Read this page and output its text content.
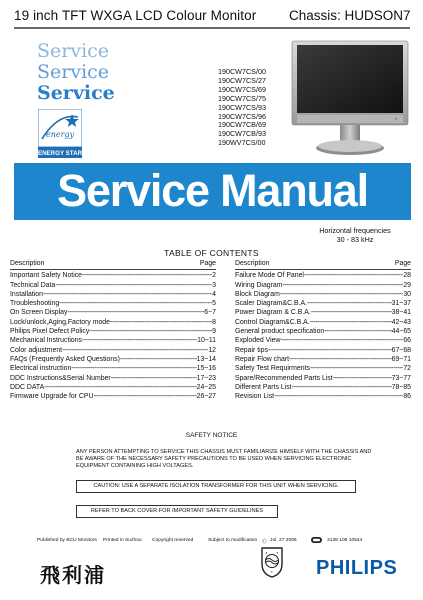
19 inch TFT WXGA LCD Colour Monitor Chassis: HUDSON7
Service
Service
Service
energy
ENERGY STAR
190CW7CS/00
190CW7CS/27
190CW7CS/69
190CW7CS/75
190CW7CS/93
190CW7CS/96
190CW7CB/69
190CW7CB/93
190WV7CS/00
Service Manual
Horizontal frequencies
30 - 83 kHz
TABLE OF CONTENTS
Description	Page
Important Safety Notice -----	2
Technical Data -----	3
Installation -----	4
Troubleshooting -----	5
On Screen Display -----	6~7
Lock/unlock,Aging,Factory mode -----	8
Philips Pixel Defect Policy -----	9
Mechanical Instructions -----	10~11
Color adjustment -----	12
FAQs (Frequently Asked Questions) -----	13~14
Electrical instruction -----	15~16
DDC Instructions&Serial Number -----	17~23
DDC DATA -----	24~25
Firmware Upgrade for CPU -----	26~27
Description	Page
Failure Mode Of Panel -----	28
Wiring Diagram -----	29
Block Diagram -----	30
Scaler Diagram&C.B.A. -----	31~37
Power Diagram & C.B.A. -----	38~41
Control Diagram&C.B.A. -----	42~43
General product specification -----	44~65
Exploded View -----	66
Repair tips -----	67~68
Repair Flow chart -----	69~71
Safety Test Requirments -----	72
Spare/Recommended Parts List -----	73~77
Different Parts List -----	78~85
Revision List -----	86
SAFETY NOTICE
ANY PERSON ATTEMPTING TO SERVICE THIS CHASSIS MUST FAMILIARIZE HIMSELF WITH THE CHASSIS AND BE AWARE OF THE NECESSARY SAFETY PRECAUTIONS TO BE USED WHEN SERVICING ELECTRONIC EQUIPMENT CONTAINING HIGH VOLTAGES.
CAUTION: USE A SEPARATE ISOLATION TRANSFORMER FOR THIS UNIT WHEN SERVICING.
REFER TO BACK COVER FOR IMPORTANT SAFETY GUIDELINES
Published by BCU Monitors Printed in Suzhou Copyright reserved	Subject to modification Ⓒ Jul. 27 2006	3138 106 10544
飛利浦
✦	✦
✦ PHILIPS
